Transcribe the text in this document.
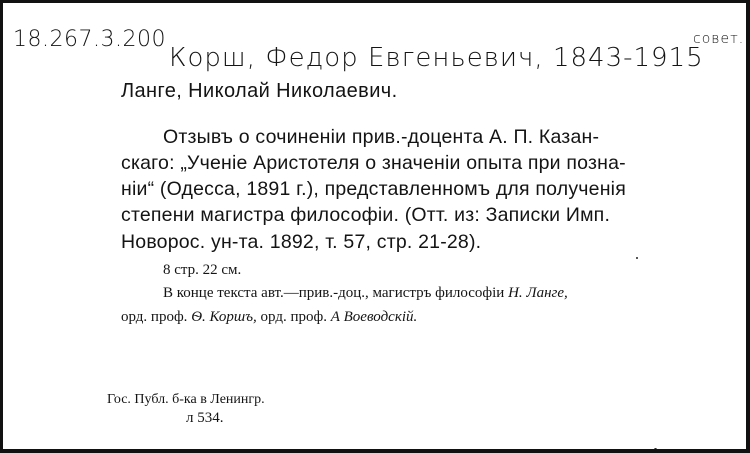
18.267.3.200
Корш, Федор Евгеньевич, 1843-1915
совет.
Ланге, Николай Николаевич.
Отзывъ о сочиненіи прив.-доцента А. П. Казан-
скаго: „Ученіе Аристотеля о значеніи опыта при позна-
ніи“ (Одесса, 1891 г.), представленномъ для полученія
степени магистра философіи. (Отт. из: Записки Имп.
Новорос. ун-та. 1892, т. 57, стр. 21-28).
8 стр. 22 см.
В конце текста авт.—прив.-доц., магистръ философіи Н. Ланге,
орд. проф. Ѳ. Коршъ, орд. проф. А Воеводскій.
Гос. Публ. б-ка в Ленингр.
л 534.
